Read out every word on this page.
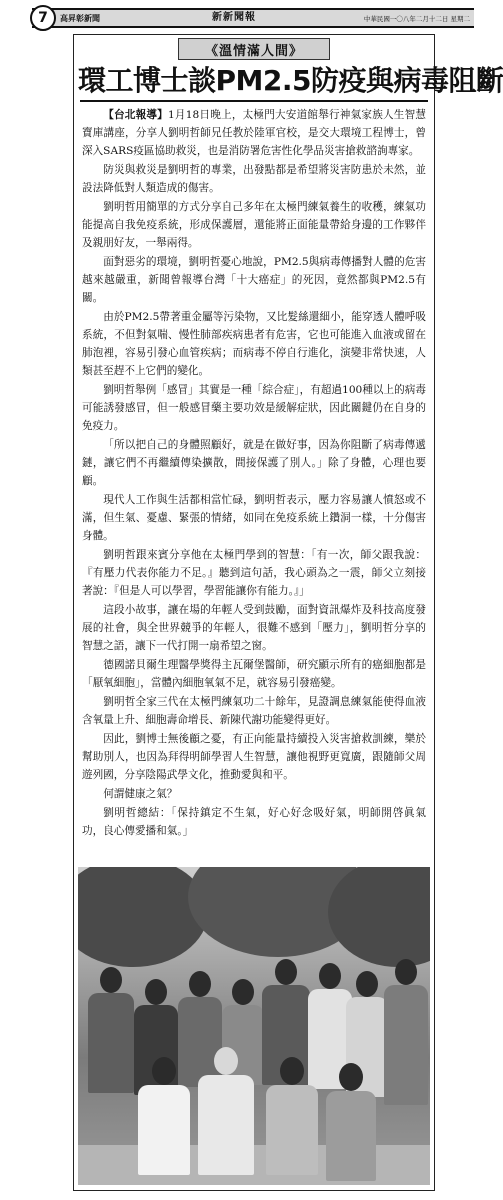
7	高昇彰新聞	新新聞報	中華民國一〇八年二月十二日 星期二
《溫情滿人間》
環工博士談PM2.5防疫與病毒阻斷

【台北報導】1月18日晚上，太極門大安道館舉行神氣家族人生智慧寶庫講座，分享人劉明哲師兄任教於陸軍官校，是交大環境工程博士，曾深入SARS疫區協助救災，也是消防署危害性化學品災害搶救諮詢專家。

防災與救災是劉明哲的專業，出發點都是希望將災害防患於未然，並設法降低對人類造成的傷害。

劉明哲用簡單的方式分享自己多年在太極門練氣養生的收穫，練氣功能提高自我免疫系統，形成保護層，還能將正面能量帶給身邊的工作夥伴及親朋好友，一舉兩得。

面對惡劣的環境，劉明哲憂心地說，PM2.5與病毒傳播對人體的危害越來越嚴重，新聞曾報導台灣「十大癌症」的死因，竟然都與PM2.5有關。

由於PM2.5帶著重金屬等污染物，又比髮絲還細小，能穿透人體呼吸系統，不但對氣喘、慢性肺部疾病患者有危害，它也可能進入血液或留在肺泡裡，容易引發心血管疾病；而病毒不停自行進化，演變非常快速，人類甚至趕不上它們的變化。

劉明哲舉例「感冒」其實是一種「綜合症」，有超過100種以上的病毒可能誘發感冒，但一般感冒藥主要功效是緩解症狀，因此關鍵仍在自身的免疫力。

「所以把自己的身體照顧好，就是在做好事，因為你阻斷了病毒傳遞鏈，讓它們不再繼續傳染擴散，間接保護了別人。」除了身體，心理也要顧。

現代人工作與生活都相當忙碌，劉明哲表示，壓力容易讓人憤怒或不滿，但生氣、憂慮、緊張的情緒，如同在免疫系統上鑽洞一樣，十分傷害身體。

劉明哲跟來賓分享他在太極門學到的智慧：「有一次，師父跟我說：『有壓力代表你能力不足。』聽到這句話，我心頭為之一震，師父立刻接著說：『但是人可以學習，學習能讓你有能力。』」

這段小故事，讓在場的年輕人受到鼓勵，面對資訊爆炸及科技高度發展的社會，與全世界競爭的年輕人，很難不感到「壓力」，劉明哲分享的智慧之語，讓下一代打開一扇希望之窗。

德國諾貝爾生理醫學獎得主瓦爾堡醫師，研究顯示所有的癌細胞都是「厭氧細胞」，當體內細胞氧氣不足，就容易引發癌變。

劉明哲全家三代在太極門練氣功二十餘年，見證調息練氣能使得血液含氧量上升、細胞壽命增長、新陳代謝功能變得更好。

因此，劉博士無後顧之憂，有正向能量持續投入災害搶救訓練，樂於幫助別人，也因為拜得明師學習人生智慧，讓他視野更寬廣，跟隨師父周遊列國，分享陰陽武學文化，推動愛與和平。

何謂健康之氣？

劉明哲總結：「保持鎮定不生氣，好心好念吸好氣，明師開啓眞氣功，良心傳愛播和氣。」
